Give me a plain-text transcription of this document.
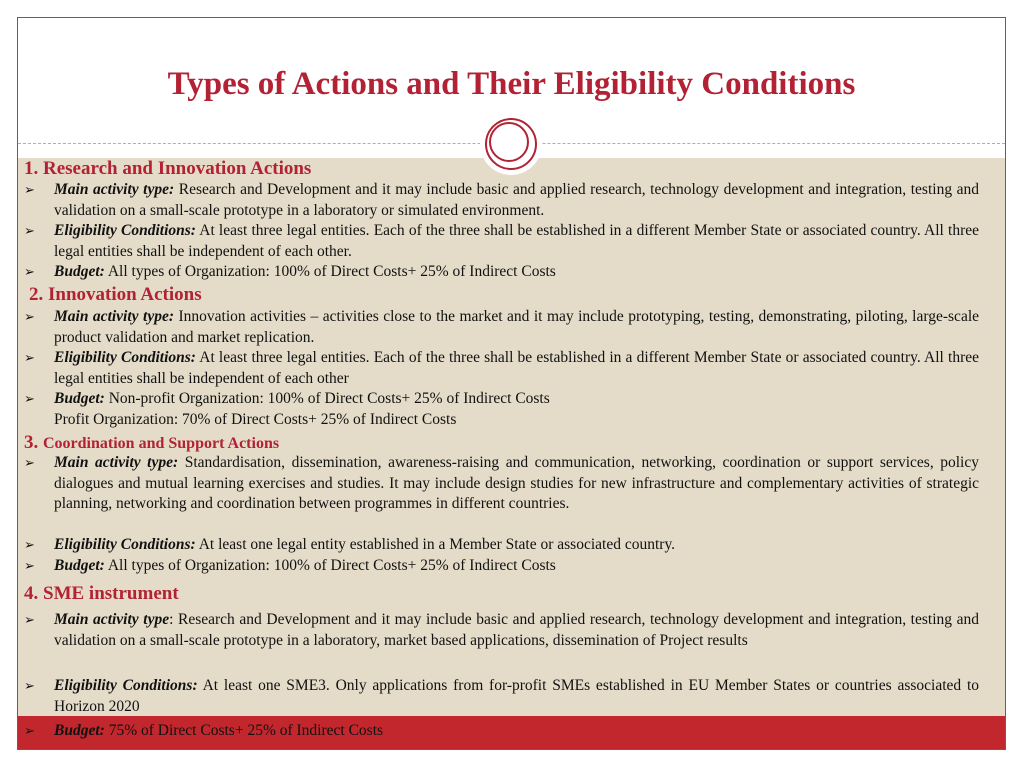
Types of Actions and Their Eligibility Conditions
1. Research and Innovation Actions
➢	Main activity type: Research and Development and it may include basic and applied research, technology development and integration, testing and validation on a small-scale prototype in a laboratory or simulated environment.
➢	Eligibility Conditions: At least three legal entities. Each of the three shall be established in a different Member State or associated country. All three legal entities shall be independent of each other.
➢	Budget: All types of Organization: 100% of Direct Costs+ 25% of Indirect Costs
2. Innovation Actions
➢	Main activity type: Innovation activities – activities close to the market and it may include prototyping, testing, demonstrating, piloting, large-scale product validation and market replication.
➢	Eligibility Conditions: At least three legal entities. Each of the three shall be established in a different Member State or associated country. All three legal entities shall be independent of each other
➢	Budget: Non-profit Organization: 100% of Direct Costs+ 25% of Indirect Costs
Profit Organization: 70% of Direct Costs+ 25% of Indirect Costs
3. Coordination and Support Actions
➢	Main activity type: Standardisation, dissemination, awareness-raising and communication, networking, coordination or support services, policy dialogues and mutual learning exercises and studies. It may include design studies for new infrastructure and complementary activities of strategic planning, networking and coordination between programmes in different countries.
➢	Eligibility Conditions: At least one legal entity established in a Member State or associated country.
➢	Budget: All types of Organization: 100% of Direct Costs+ 25% of Indirect Costs
4. SME instrument
➢	Main activity type: Research and Development and it may include basic and applied research, technology development and integration, testing and validation on a small-scale prototype in a laboratory, market based applications, dissemination of Project results
➢	Eligibility Conditions: At least one SME3. Only applications from for-profit SMEs established in EU Member States or countries associated to Horizon 2020
➢	Budget: 75% of Direct Costs+ 25% of Indirect Costs
